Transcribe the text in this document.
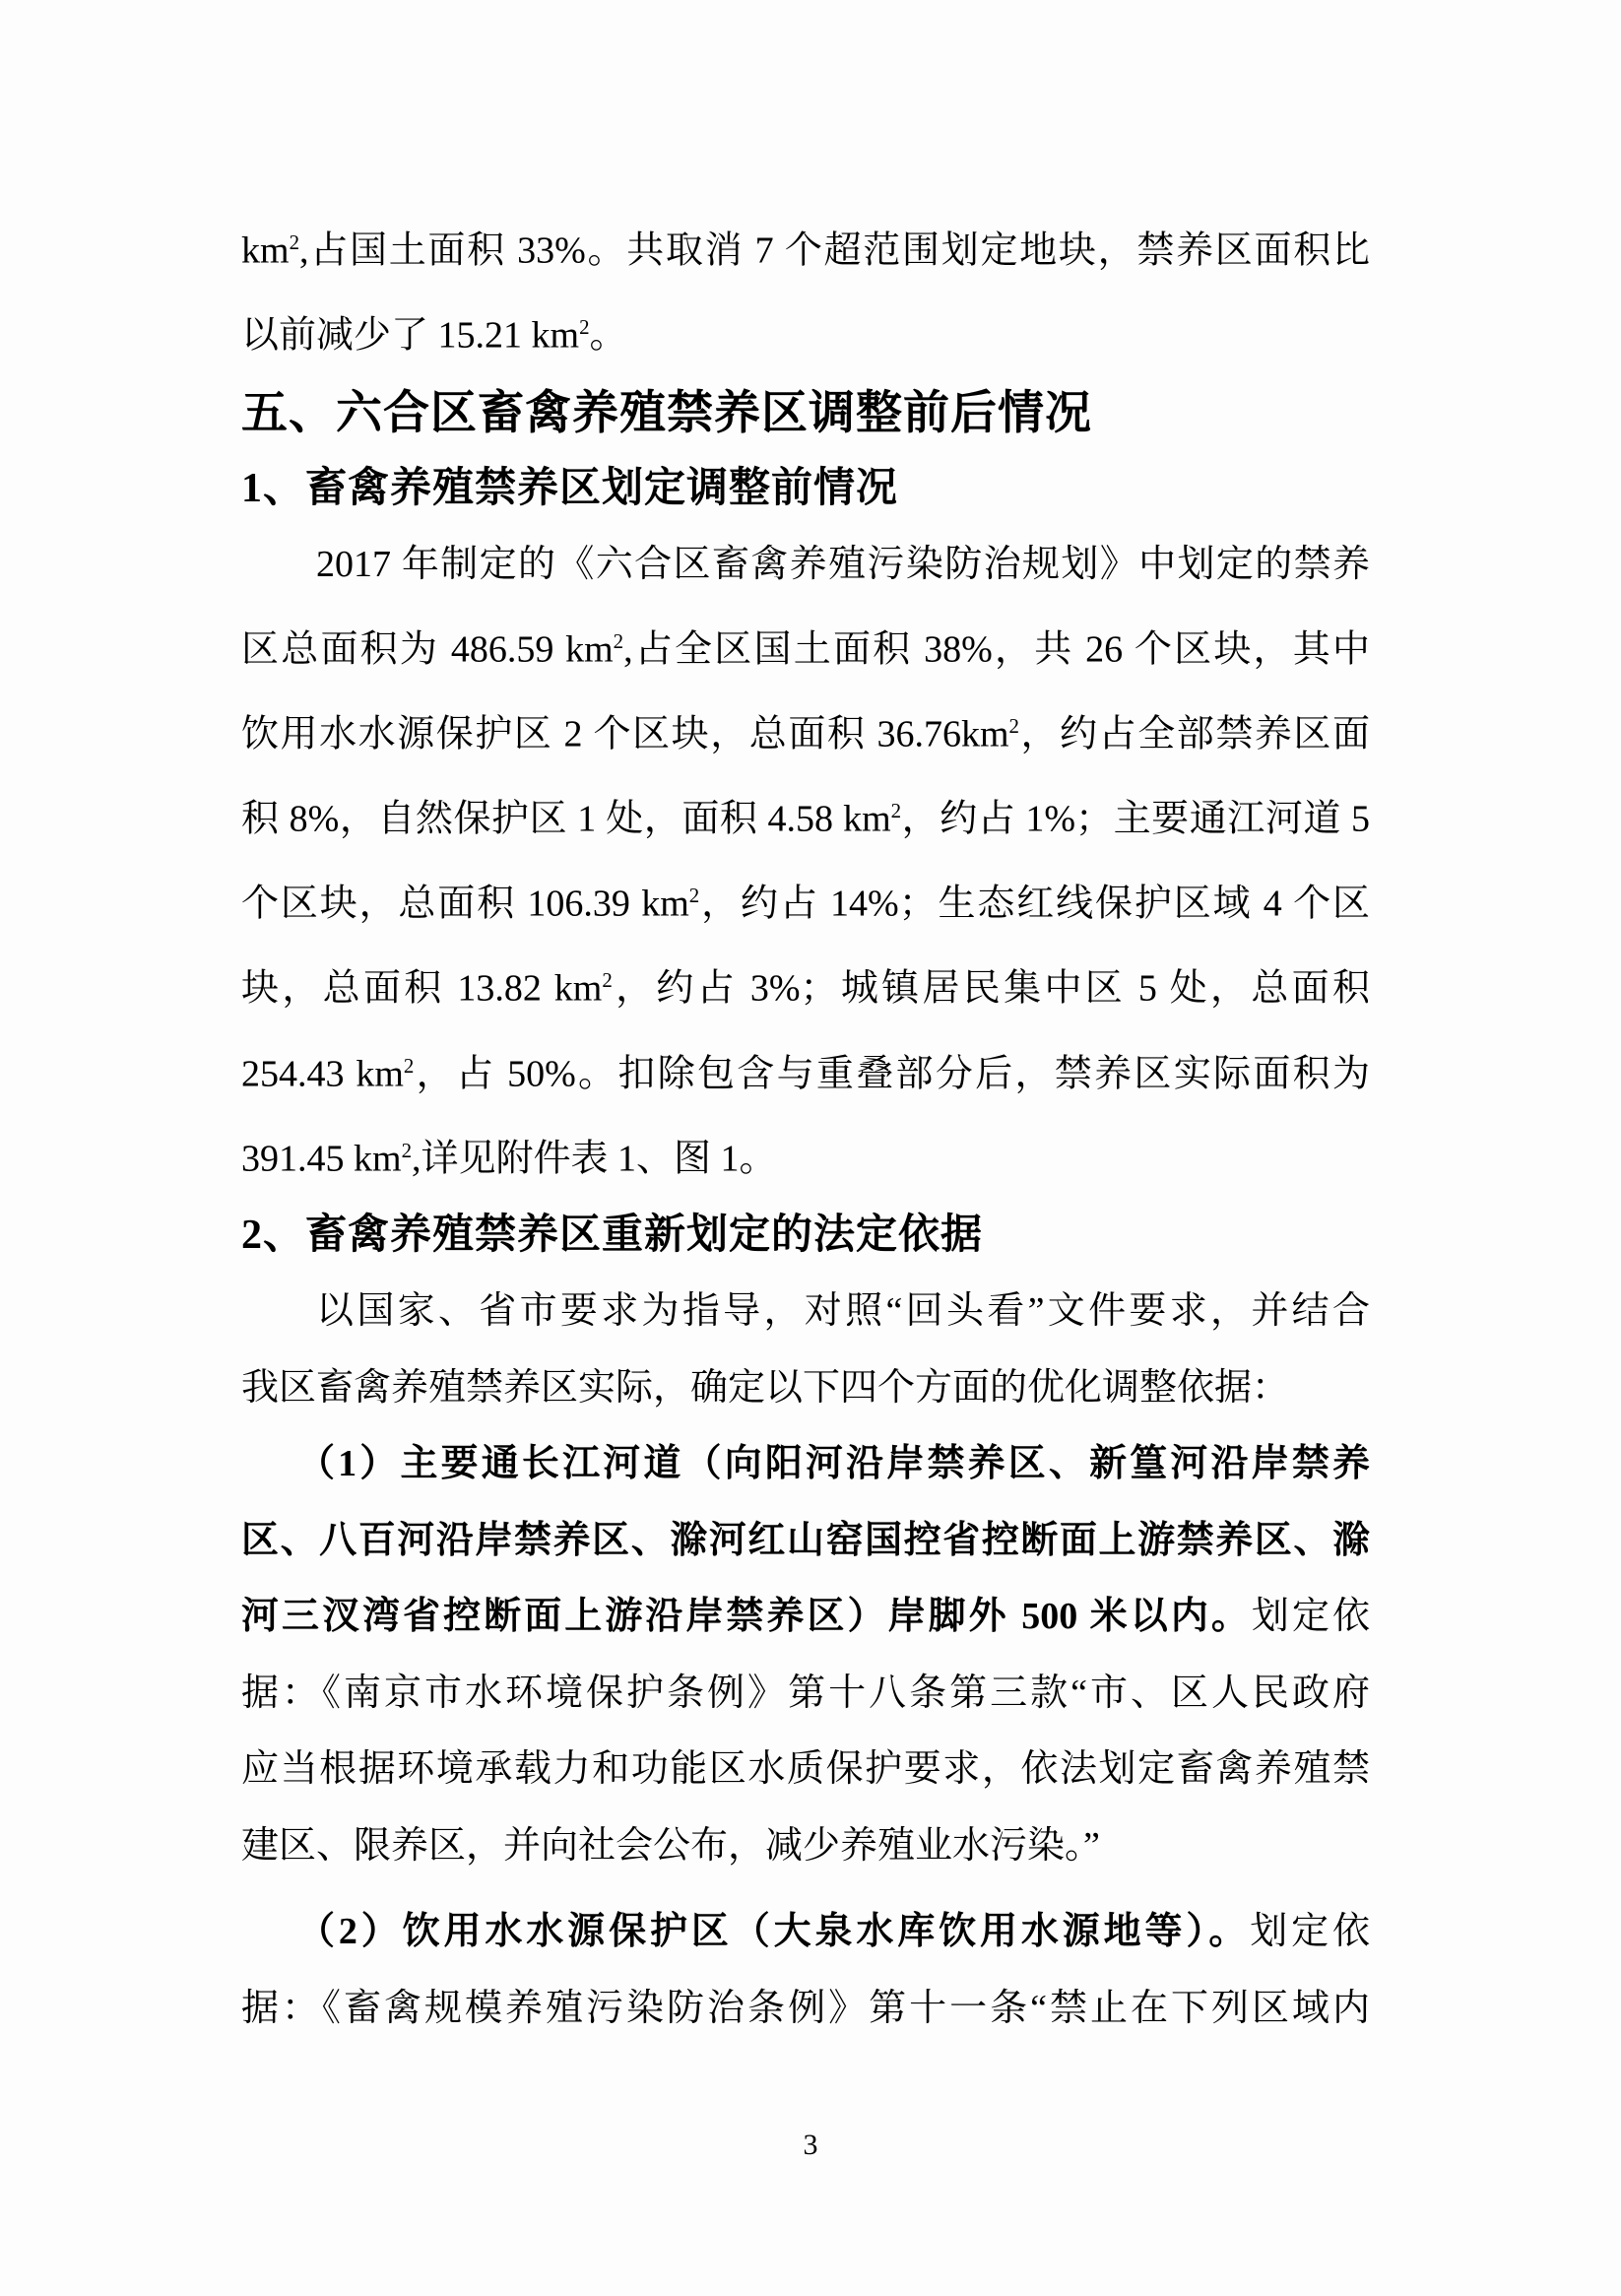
$km^2$,占国土面积 33%。共取消 7 个超范围划定地块，禁养区面积比
以前减少了 15.21 $km^2$。
五、六合区畜禽养殖禁养区调整前后情况
1、畜禽养殖禁养区划定调整前情况
2017 年制定的《六合区畜禽养殖污染防治规划》中划定的禁养
区总面积为 486.59 $km^2$,占全区国土面积 38%，共 26 个区块，其中
饮用水水源保护区 2 个区块，总面积 $36.76km^2$，约占全部禁养区面
积 8%，自然保护区 1 处，面积 4.58 $km^2$，约占 1%；主要通江河道 5
个区块，总面积 106.39 $km^2$，约占 14%；生态红线保护区域 4 个区
块，总面积 13.82 $km^2$，约占 3%；城镇居民集中区 5 处，总面积
254.43 $km^2$，占 50%。扣除包含与重叠部分后，禁养区实际面积为
391.45 $km^2$,详见附件表 1、图 1。
2、畜禽养殖禁养区重新划定的法定依据
以国家、省市要求为指导，对照“回头看”文件要求，并结合
我区畜禽养殖禁养区实际，确定以下四个方面的优化调整依据：
（1）主要通长江河道（向阳河沿岸禁养区、新篁河沿岸禁养
区、八百河沿岸禁养区、滁河红山窑国控省控断面上游禁养区、滁
河三汊湾省控断面上游沿岸禁养区）岸脚外 500 米以内。划定依
据：《南京市水环境保护条例》第十八条第三款“市、区人民政府
应当根据环境承载力和功能区水质保护要求，依法划定畜禽养殖禁
建区、限养区，并向社会公布，减少养殖业水污染。”
（2）饮用水水源保护区（大泉水库饮用水源地等）。划定依
据：《畜禽规模养殖污染防治条例》第十一条“禁止在下列区域内
3
